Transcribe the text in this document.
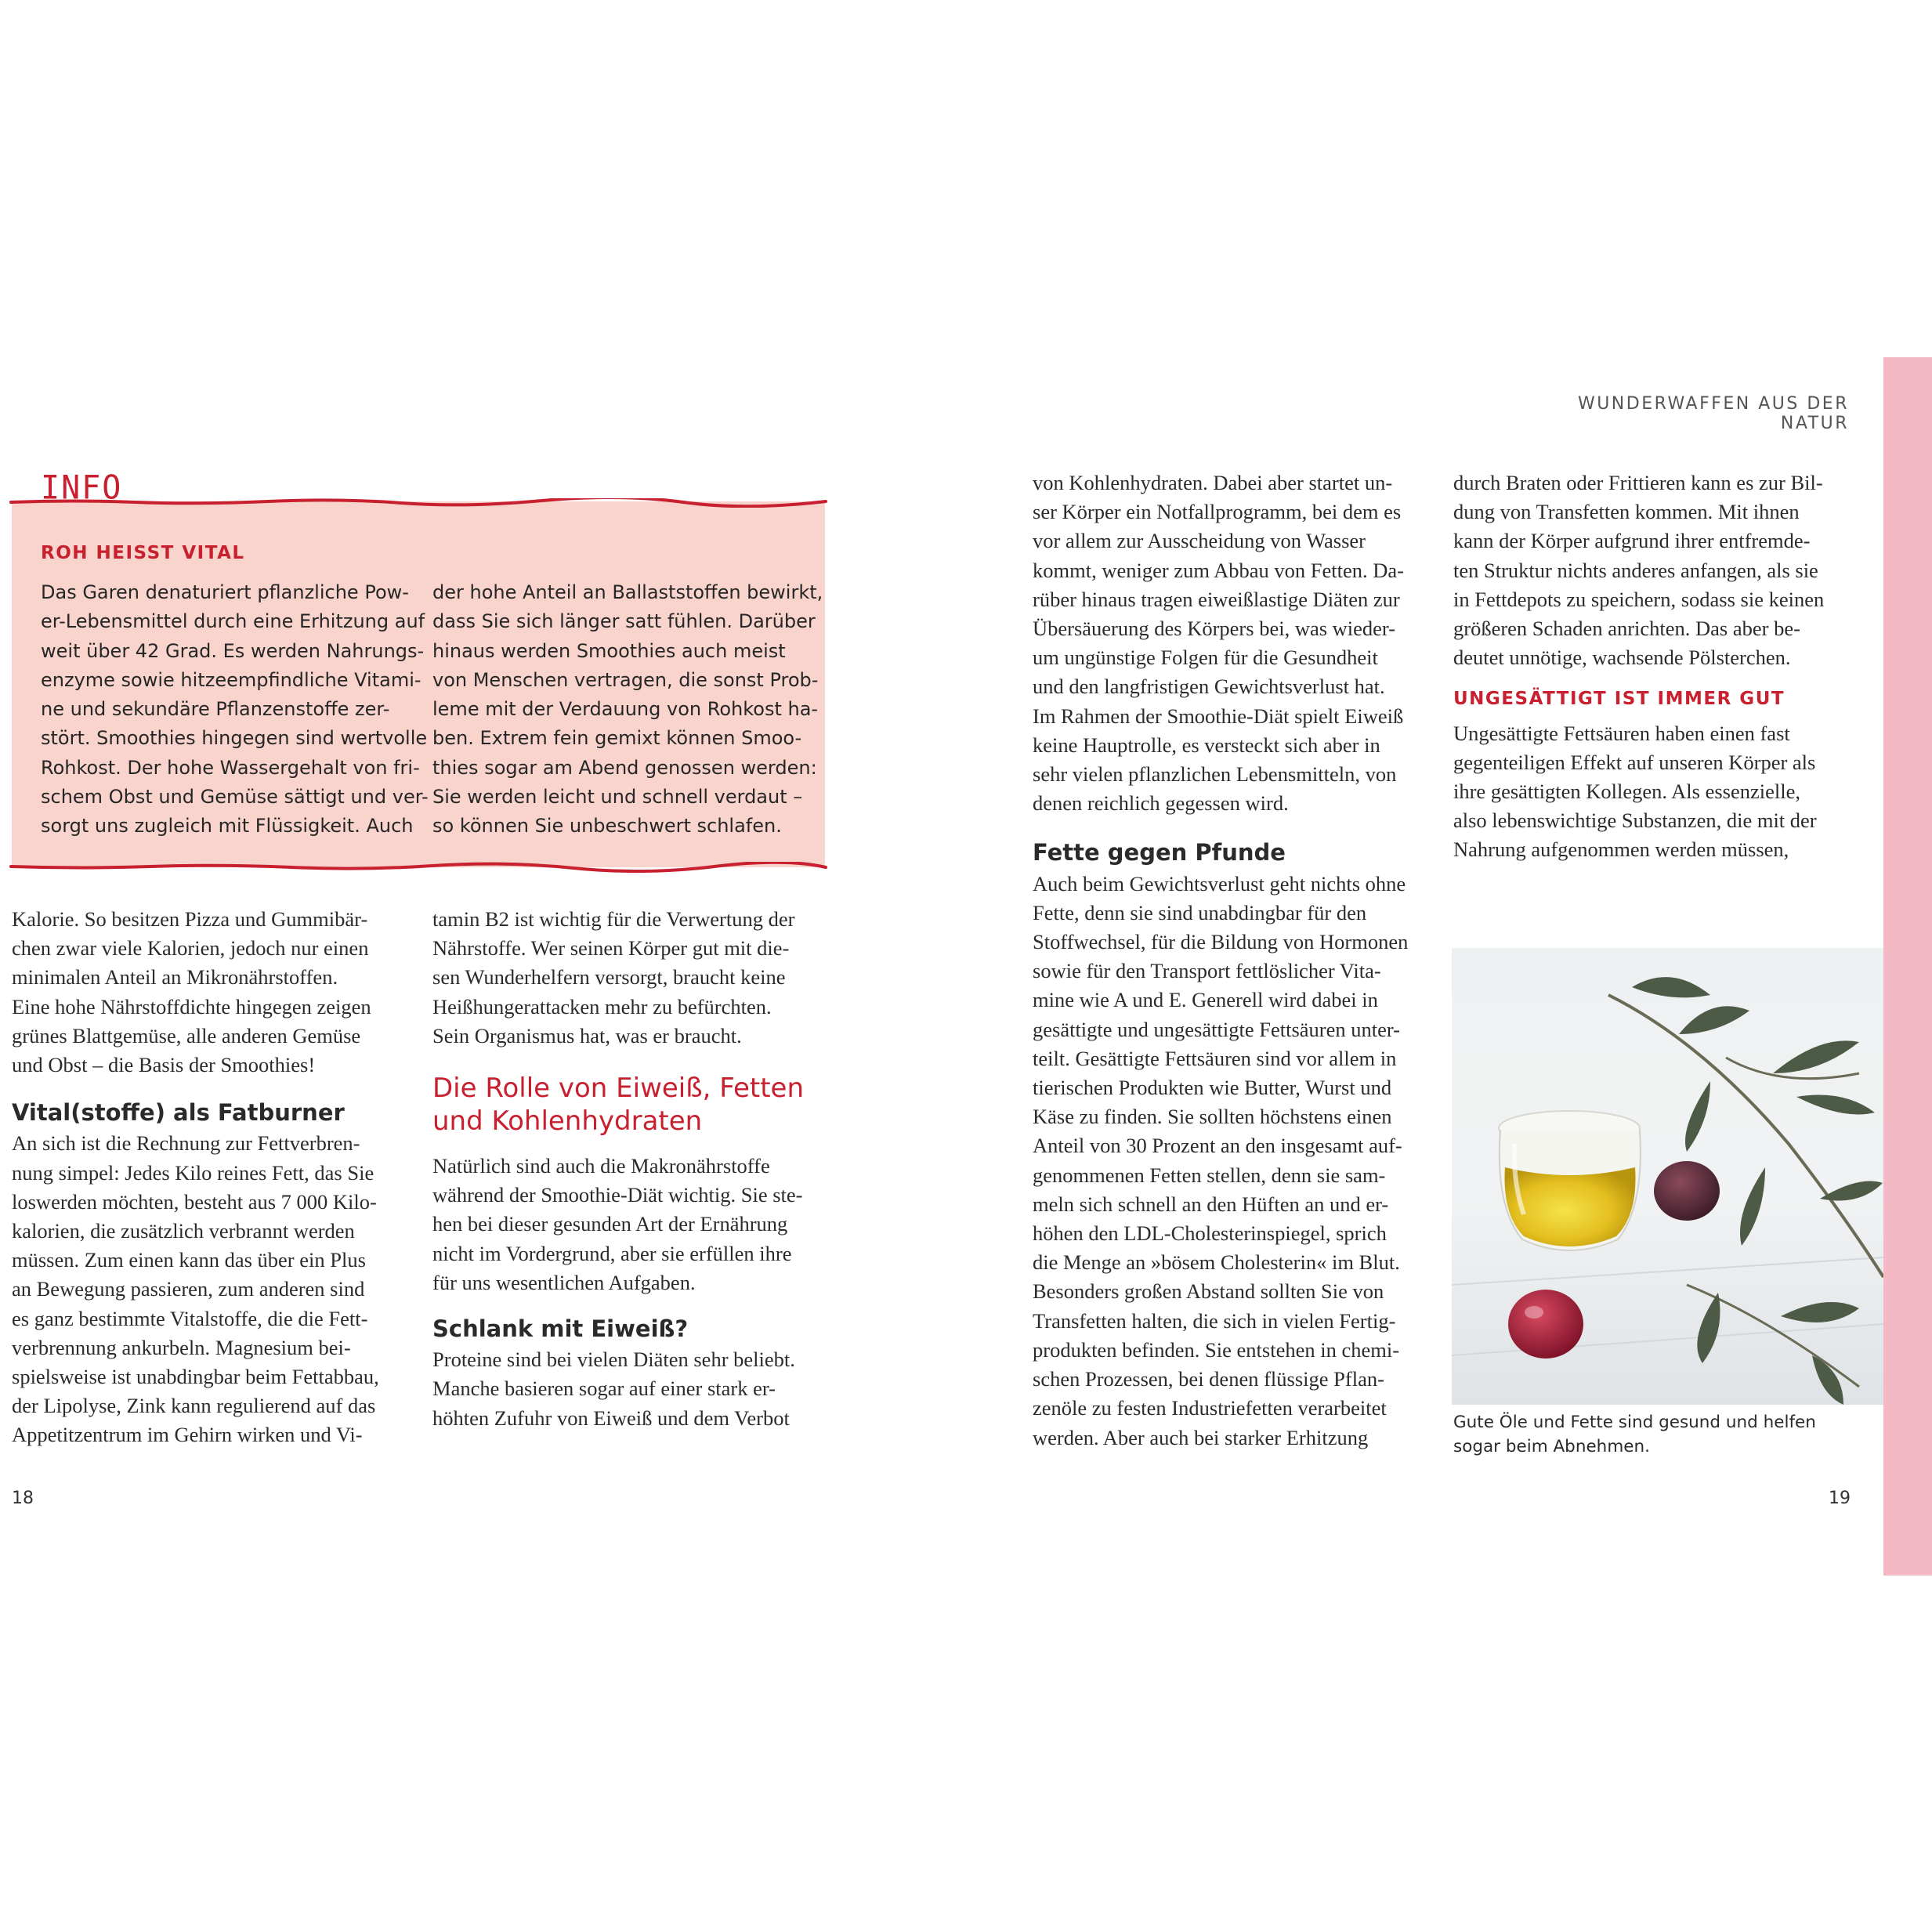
WUNDERWAFFEN AUS DER NATUR
INFO
ROH HEISST VITAL
Das Garen denaturiert pflanzliche Pow-
er-Lebensmittel durch eine Erhitzung auf
weit über 42 Grad. Es werden Nahrungs-
enzyme sowie hitzeempfindliche Vitami-
ne und sekundäre Pflanzenstoffe zer-
stört. Smoothies hingegen sind wertvolle
Rohkost. Der hohe Wassergehalt von fri-
schem Obst und Gemüse sättigt und ver-
sorgt uns zugleich mit Flüssigkeit. Auch
der hohe Anteil an Ballaststoffen bewirkt,
dass Sie sich länger satt fühlen. Darüber
hinaus werden Smoothies auch meist
von Menschen vertragen, die sonst Prob-
leme mit der Verdauung von Rohkost ha-
ben. Extrem fein gemixt können Smoo-
thies sogar am Abend genossen werden:
Sie werden leicht und schnell verdaut –
so können Sie unbeschwert schlafen.
Kalorie. So besitzen Pizza und Gummibär-
chen zwar viele Kalorien, jedoch nur einen
minimalen Anteil an Mikronährstoffen.
Eine hohe Nährstoffdichte hingegen zeigen
grünes Blattgemüse, alle anderen Gemüse
und Obst – die Basis der Smoothies!
Vital(stoffe) als Fatburner
An sich ist die Rechnung zur Fettverbren-
nung simpel: Jedes Kilo reines Fett, das Sie
loswerden möchten, besteht aus 7 000 Kilo-
kalorien, die zusätzlich verbrannt werden
müssen. Zum einen kann das über ein Plus
an Bewegung passieren, zum anderen sind
es ganz bestimmte Vitalstoffe, die die Fett-
verbrennung ankurbeln. Magnesium bei-
spielsweise ist unabdingbar beim Fettabbau,
der Lipolyse, Zink kann regulierend auf das
Appetitzentrum im Gehirn wirken und Vi-
tamin B2 ist wichtig für die Verwertung der
Nährstoffe. Wer seinen Körper gut mit die-
sen Wunderhelfern versorgt, braucht keine
Heißhungerattacken mehr zu befürchten.
Sein Organismus hat, was er braucht.
Die Rolle von Eiweiß, Fetten
und Kohlenhydraten
Natürlich sind auch die Makronährstoffe
während der Smoothie-Diät wichtig. Sie ste-
hen bei dieser gesunden Art der Ernährung
nicht im Vordergrund, aber sie erfüllen ihre
für uns wesentlichen Aufgaben.
Schlank mit Eiweiß?
Proteine sind bei vielen Diäten sehr beliebt.
Manche basieren sogar auf einer stark er-
höhten Zufuhr von Eiweiß und dem Verbot
von Kohlenhydraten. Dabei aber startet un-
ser Körper ein Notfallprogramm, bei dem es
vor allem zur Ausscheidung von Wasser
kommt, weniger zum Abbau von Fetten. Da-
rüber hinaus tragen eiweißlastige Diäten zur
Übersäuerung des Körpers bei, was wieder-
um ungünstige Folgen für die Gesundheit
und den langfristigen Gewichtsverlust hat.
Im Rahmen der Smoothie-Diät spielt Eiweiß
keine Hauptrolle, es versteckt sich aber in
sehr vielen pflanzlichen Lebensmitteln, von
denen reichlich gegessen wird.
Fette gegen Pfunde
Auch beim Gewichtsverlust geht nichts ohne
Fette, denn sie sind unabdingbar für den
Stoffwechsel, für die Bildung von Hormonen
sowie für den Transport fettlöslicher Vita-
mine wie A und E. Generell wird dabei in
gesättigte und ungesättigte Fettsäuren unter-
teilt. Gesättigte Fettsäuren sind vor allem in
tierischen Produkten wie Butter, Wurst und
Käse zu finden. Sie sollten höchstens einen
Anteil von 30 Prozent an den insgesamt auf-
genommenen Fetten stellen, denn sie sam-
meln sich schnell an den Hüften an und er-
höhen den LDL-Cholesterinspiegel, sprich
die Menge an »bösem Cholesterin« im Blut.
Besonders großen Abstand sollten Sie von
Transfetten halten, die sich in vielen Fertig-
produkten befinden. Sie entstehen in chemi-
schen Prozessen, bei denen flüssige Pflan-
zenöle zu festen Industriefetten verarbeitet
werden. Aber auch bei starker Erhitzung
durch Braten oder Frittieren kann es zur Bil-
dung von Transfetten kommen. Mit ihnen
kann der Körper aufgrund ihrer entfremde-
ten Struktur nichts anderes anfangen, als sie
in Fettdepots zu speichern, sodass sie keinen
größeren Schaden anrichten. Das aber be-
deutet unnötige, wachsende Pölsterchen.
UNGESÄTTIGT IST IMMER GUT
Ungesättigte Fettsäuren haben einen fast
gegenteiligen Effekt auf unseren Körper als
ihre gesättigten Kollegen. Als essenzielle,
also lebenswichtige Substanzen, die mit der
Nahrung aufgenommen werden müssen,
Gute Öle und Fette sind gesund und helfen
sogar beim Abnehmen.
18	19
